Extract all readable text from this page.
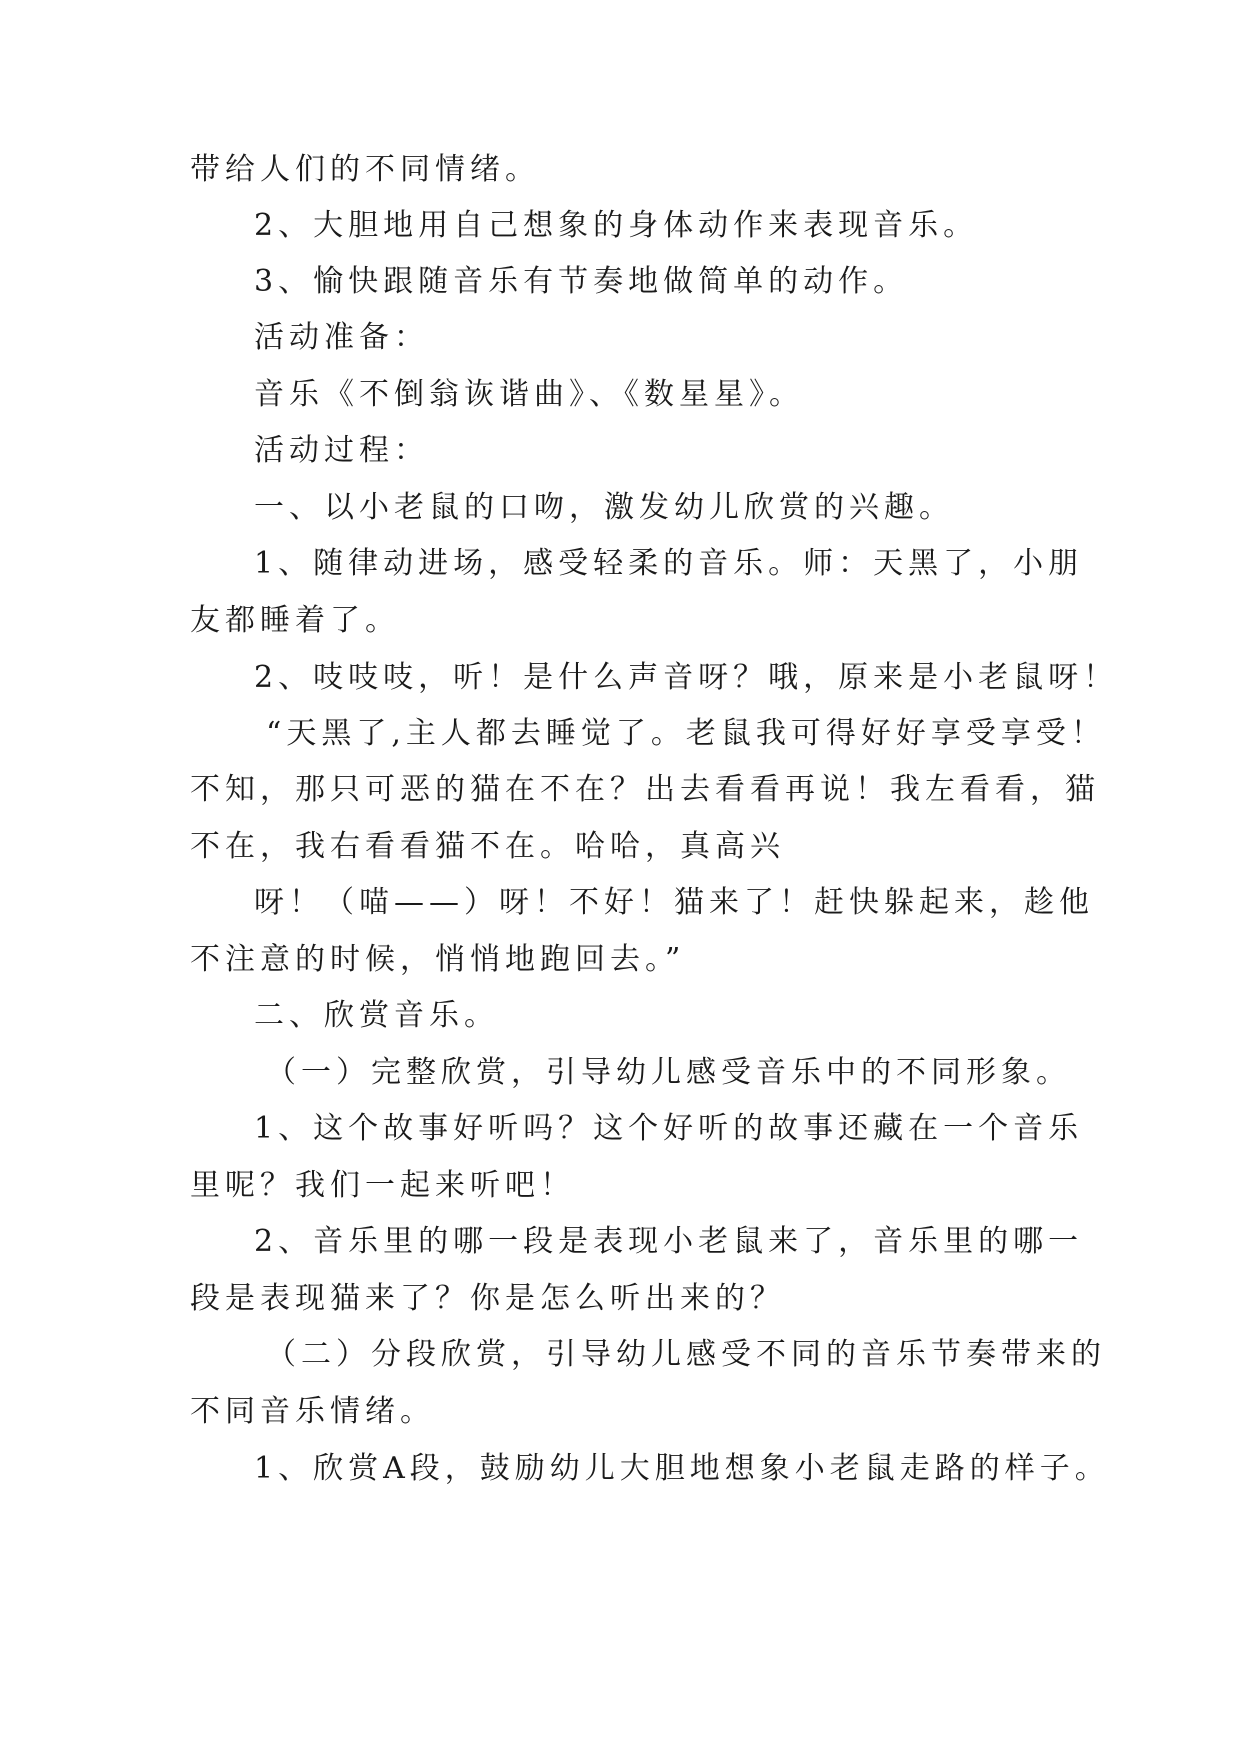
带给人们的不同情绪。
2、大胆地用自己想象的身体动作来表现音乐。
3、愉快跟随音乐有节奏地做简单的动作。
活动准备：
音乐《不倒翁诙谐曲》、《数星星》。
活动过程：
一、以小老鼠的口吻，激发幼儿欣赏的兴趣。
1、随律动进场，感受轻柔的音乐。师：天黑了，小朋
友都睡着了。
2、吱吱吱，听！是什么声音呀？哦，原来是小老鼠呀！
“天黑了,主人都去睡觉了。老鼠我可得好好享受享受！
不知，那只可恶的猫在不在？出去看看再说！我左看看，猫
不在，我右看看猫不在。哈哈，真高兴
呀！（喵——）呀！不好！猫来了！赶快躲起来，趁他
不注意的时候，悄悄地跑回去。”
二、欣赏音乐。
（一）完整欣赏，引导幼儿感受音乐中的不同形象。
1、这个故事好听吗？这个好听的故事还藏在一个音乐
里呢？我们一起来听吧！
2、音乐里的哪一段是表现小老鼠来了，音乐里的哪一
段是表现猫来了？你是怎么听出来的？
（二）分段欣赏，引导幼儿感受不同的音乐节奏带来的
不同音乐情绪。
1、欣赏A段，鼓励幼儿大胆地想象小老鼠走路的样子。
